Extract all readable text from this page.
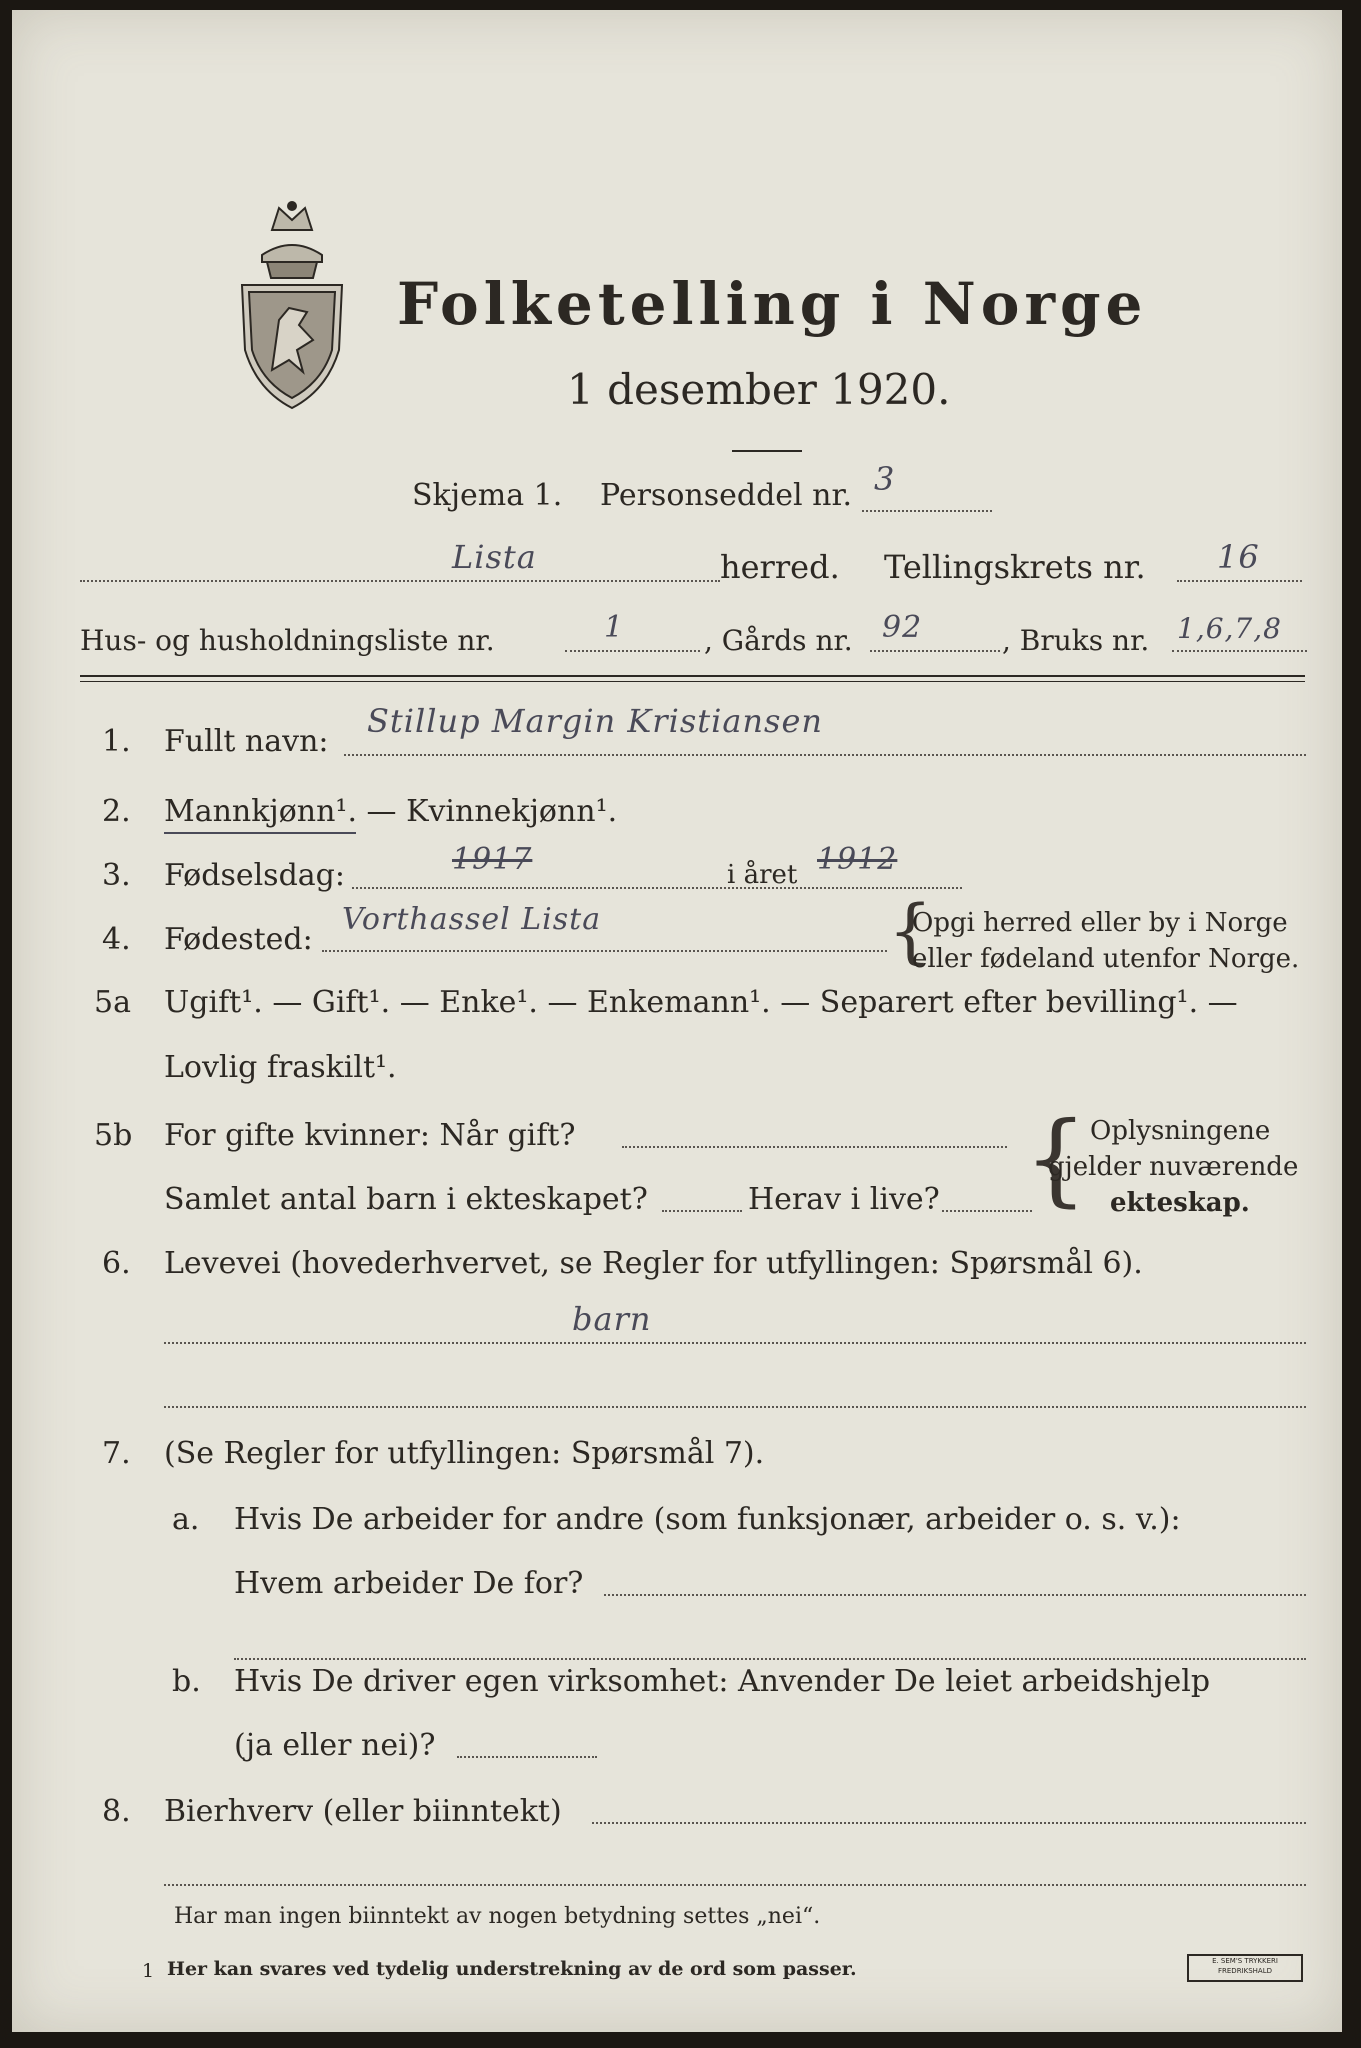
Folketelling i Norge
1 desember 1920.
Skjema 1. Personseddel nr. 3
Lista	herred. Tellingskrets nr. 16
Hus- og husholdningsliste nr.	1	, Gårds nr. 92	, Bruks nr. 1,6,7,8
1. Fullt navn:
Stillup Margin Kristiansen
2. Mannkjønn¹. — Kvinnekjønn¹.
3. Fødselsdag:	1917	i året 1912
4. Fødested:
Vorthassel Lista	{
Opgi herred eller by i Norge
eller fødeland utenfor Norge.
5a Ugift¹. — Gift¹. — Enke¹. — Enkemann¹. — Separert efter bevilling¹. —
Lovlig fraskilt¹.
5b For gifte kvinner: Når gift?
Samlet antal barn i ekteskapet?	Herav i live? { Oplysningene
gjelder nuværende
ekteskap.
6. Levevei (hovederhvervet, se Regler for utfyllingen: Spørsmål 6).
barn
7. (Se Regler for utfyllingen: Spørsmål 7).
a. Hvis De arbeider for andre (som funksjonær, arbeider o. s. v.):
Hvem arbeider De for?
b. Hvis De driver egen virksomhet: Anvender De leiet arbeidshjelp
(ja eller nei)?
8. Bierhverv (eller biinntekt)
Har man ingen biinntekt av nogen betydning settes „nei“.
1 Her kan svares ved tydelig understrekning av de ord som passer.	E. SEM'S TRYKKERI FREDRIKSHALD
